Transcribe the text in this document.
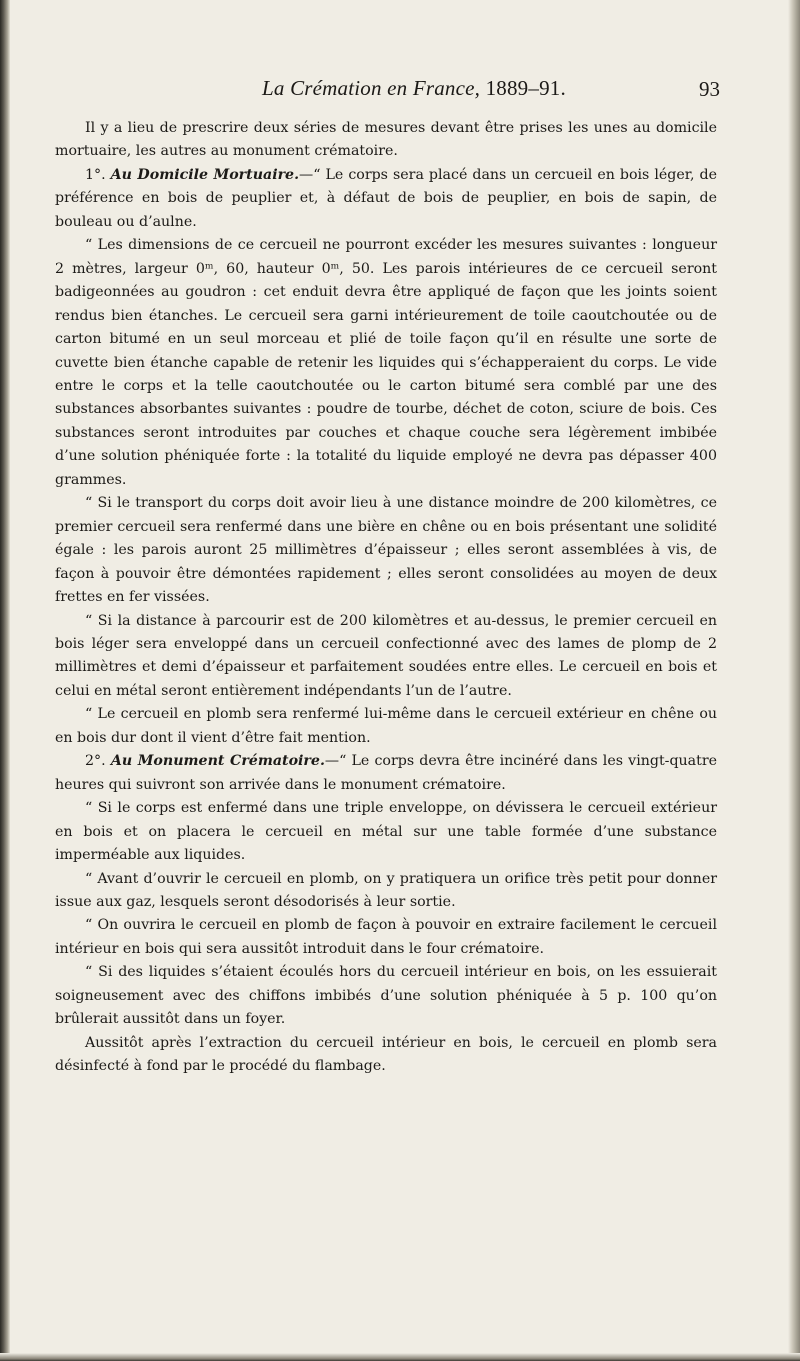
La Crémation en France, 1889–91.	93

Il y a lieu de prescrire deux séries de mesures devant être prises les unes au domicile mortuaire, les autres au monument crématoire.

1°. Au Domicile Mortuaire.—“ Le corps sera placé dans un cercueil en bois léger, de préférence en bois de peuplier et, à défaut de bois de peuplier, en bois de sapin, de bouleau ou d’aulne.

“ Les dimensions de ce cercueil ne pourront excéder les mesures suivantes : longueur 2 mètres, largeur 0ᵐ, 60, hauteur 0ᵐ, 50. Les parois intérieures de ce cercueil seront badigeonnées au goudron : cet enduit devra être appliqué de façon que les joints soient rendus bien étanches. Le cercueil sera garni intérieurement de toile caoutchoutée ou de carton bitumé en un seul morceau et plié de toile façon qu’il en résulte une sorte de cuvette bien étanche capable de retenir les liquides qui s’échapperaient du corps. Le vide entre le corps et la telle caoutchoutée ou le carton bitumé sera comblé par une des substances absorbantes suivantes : poudre de tourbe, déchet de coton, sciure de bois. Ces substances seront introduites par couches et chaque couche sera légèrement imbibée d’une solution phéniquée forte : la totalité du liquide employé ne devra pas dépasser 400 grammes.

“ Si le transport du corps doit avoir lieu à une distance moindre de 200 kilomètres, ce premier cercueil sera renfermé dans une bière en chêne ou en bois présentant une solidité égale : les parois auront 25 millimètres d’épaisseur ; elles seront assemblées à vis, de façon à pouvoir être démontées rapidement ; elles seront consolidées au moyen de deux frettes en fer vissées.

“ Si la distance à parcourir est de 200 kilomètres et au-dessus, le premier cercueil en bois léger sera enveloppé dans un cercueil confectionné avec des lames de plomp de 2 millimètres et demi d’épaisseur et parfaitement soudées entre elles. Le cercueil en bois et celui en métal seront entièrement indépendants l’un de l’autre.

“ Le cercueil en plomb sera renfermé lui-même dans le cercueil extérieur en chêne ou en bois dur dont il vient d’être fait mention.

2°. Au Monument Crématoire.—“ Le corps devra être incinéré dans les vingt-quatre heures qui suivront son arrivée dans le monument crématoire.

“ Si le corps est enfermé dans une triple enveloppe, on dévissera le cercueil extérieur en bois et on placera le cercueil en métal sur une table formée d’une substance imperméable aux liquides.

“ Avant d’ouvrir le cercueil en plomb, on y pratiquera un orifice très petit pour donner issue aux gaz, lesquels seront désodorisés à leur sortie.

“ On ouvrira le cercueil en plomb de façon à pouvoir en extraire facilement le cercueil intérieur en bois qui sera aussitôt introduit dans le four crématoire.

“ Si des liquides s’étaient écoulés hors du cercueil intérieur en bois, on les essuierait soigneusement avec des chiffons imbibés d’une solution phéniquée à 5 p. 100 qu’on brûlerait aussitôt dans un foyer.

Aussitôt après l’extraction du cercueil intérieur en bois, le cercueil en plomb sera désinfecté à fond par le procédé du flambage.
